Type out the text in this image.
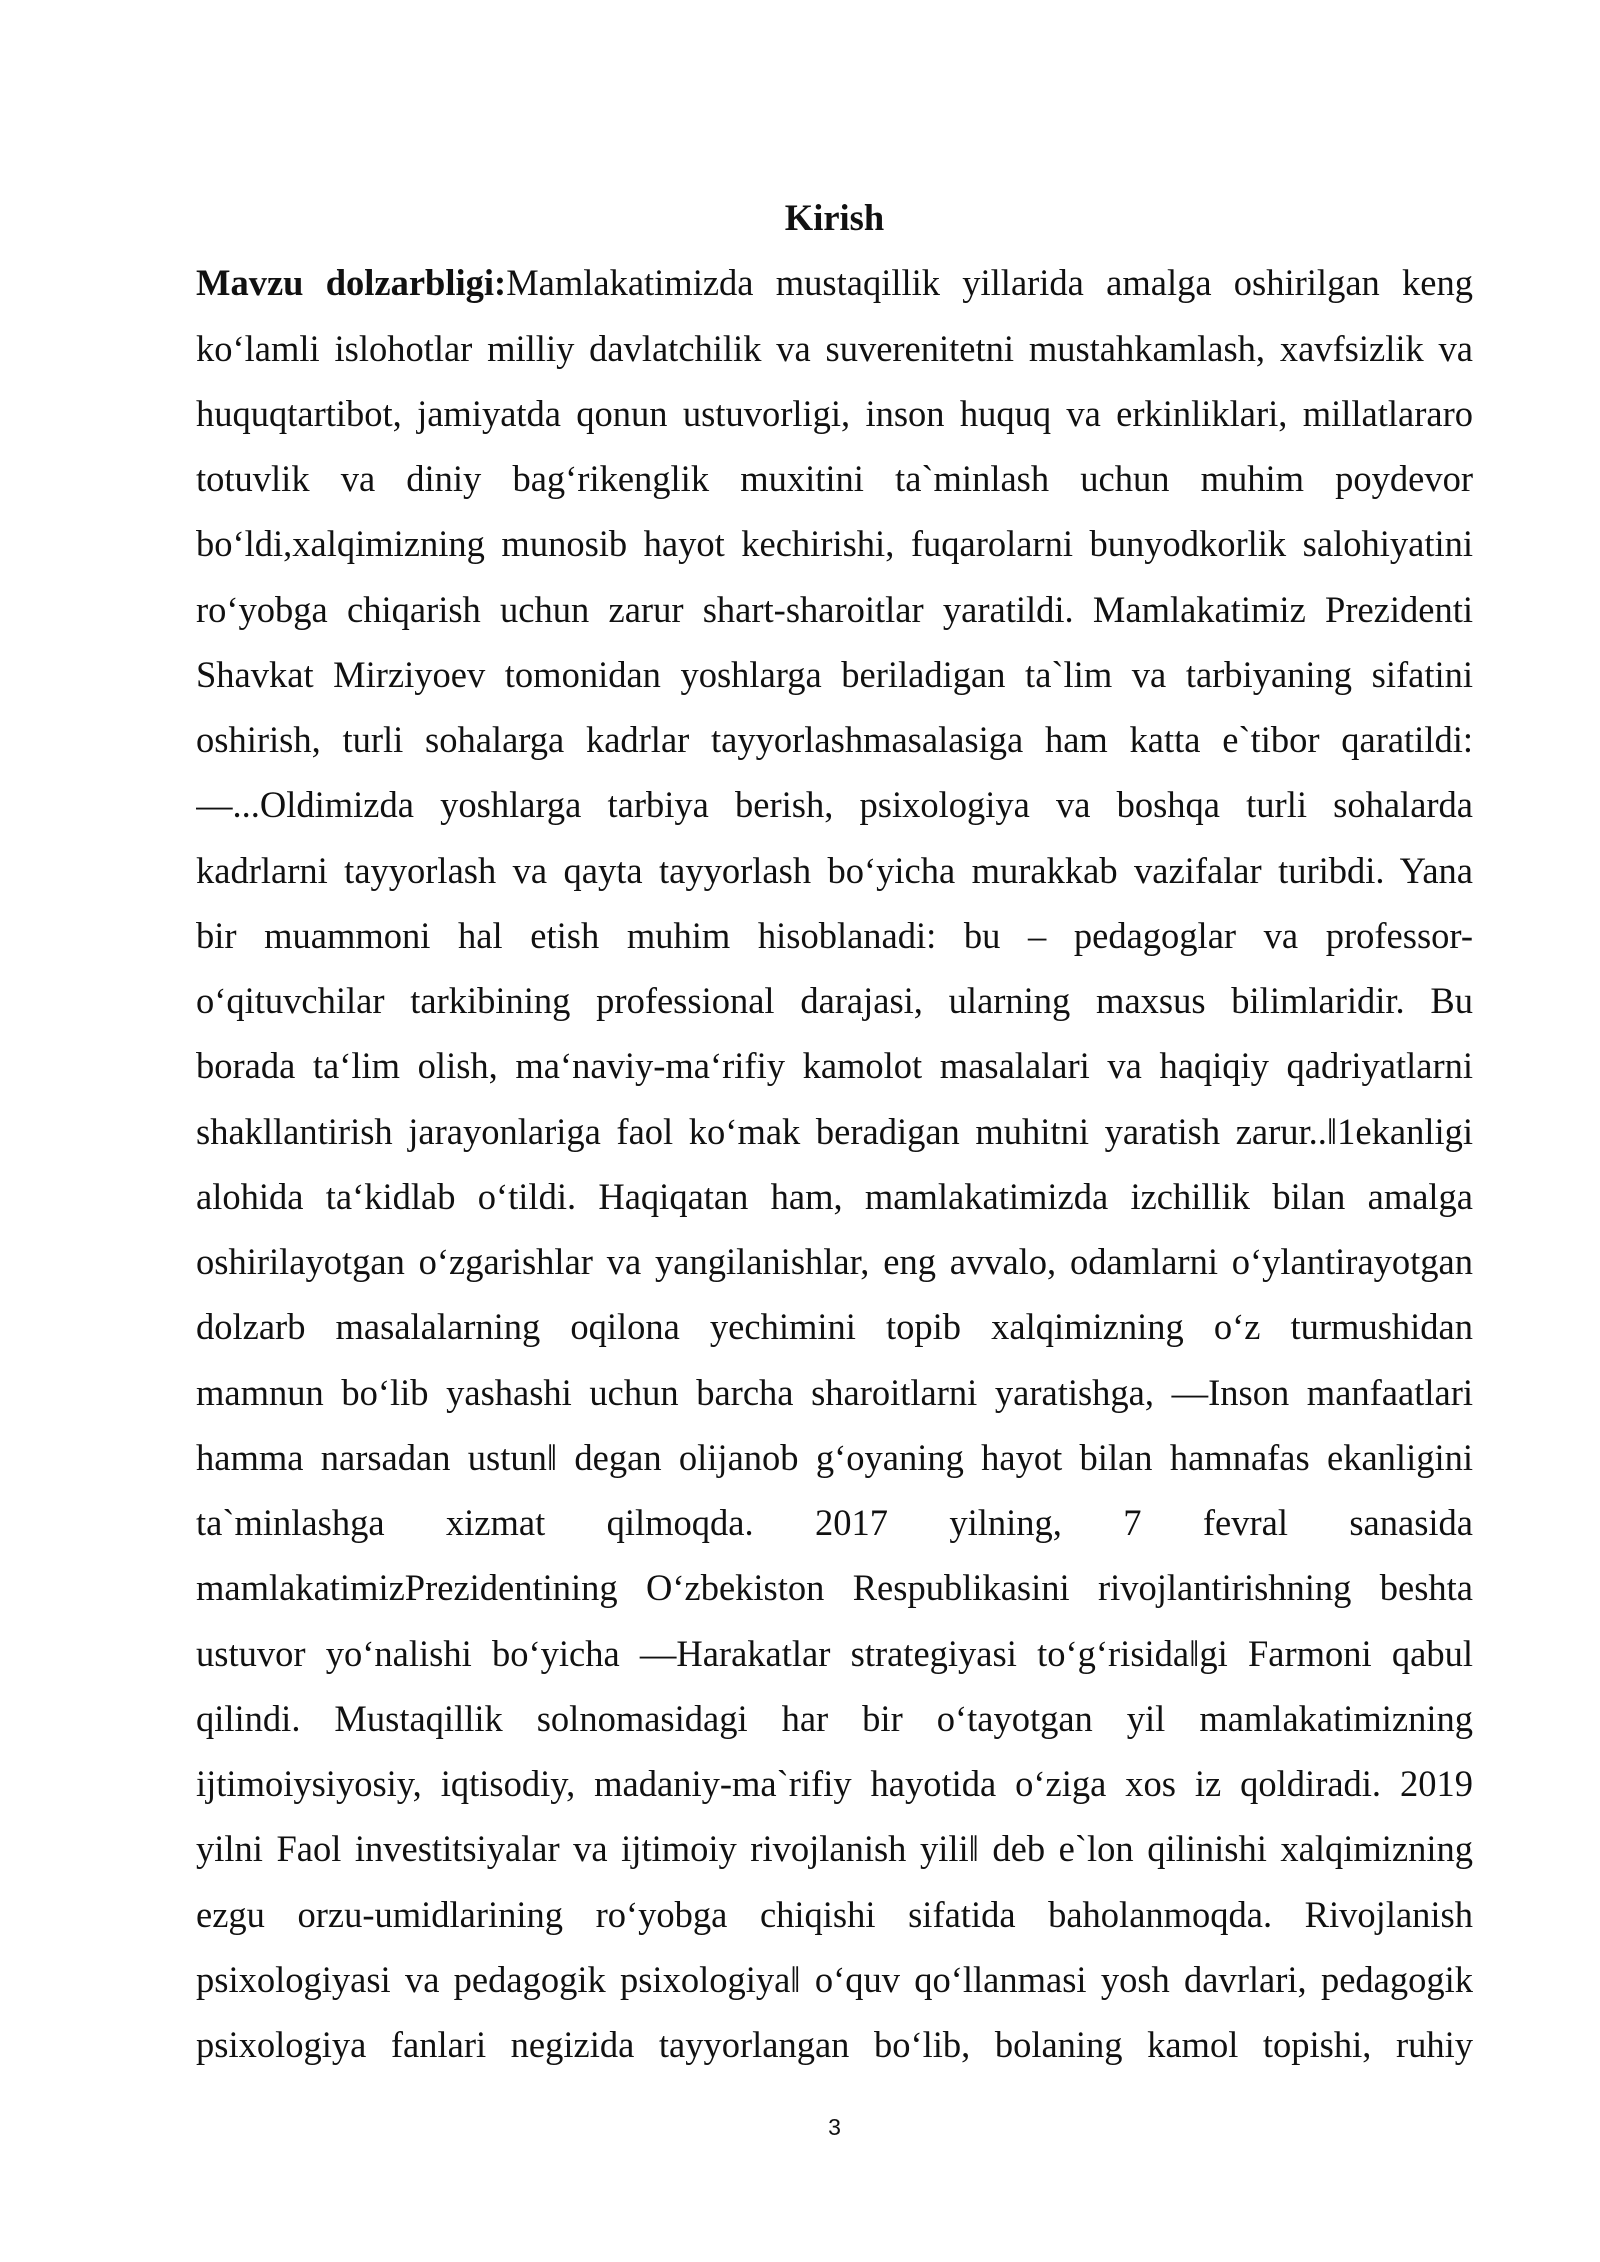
Kirish
Mavzu dolzarbligi:Mamlakatimizda mustaqillik yillarida amalga oshirilgan keng
ko‘lamli islohotlar milliy davlatchilik va suverenitetni mustahkamlash, xavfsizlik va
huquqtartibot, jamiyatda qonun ustuvorligi, inson huquq va erkinliklari, millatlararo
totuvlik va diniy bag‘rikenglik muxitini ta`minlash uchun muhim poydevor
bo‘ldi,xalqimizning munosib hayot kechirishi, fuqarolarni bunyodkorlik salohiyatini
ro‘yobga chiqarish uchun zarur shart-sharoitlar yaratildi. Mamlakatimiz Prezidenti
Shavkat Mirziyoev tomonidan yoshlarga beriladigan ta`lim va tarbiyaning sifatini
oshirish, turli sohalarga kadrlar tayyorlashmasalasiga ham katta e`tibor qaratildi:
―...Oldimizda yoshlarga tarbiya berish, psixologiya va boshqa turli sohalarda
kadrlarni tayyorlash va qayta tayyorlash bo‘yicha murakkab vazifalar turibdi. Yana
bir muammoni hal etish muhim hisoblanadi: bu – pedagoglar va professor-
o‘qituvchilar tarkibining professional darajasi, ularning maxsus bilimlaridir. Bu
borada ta‘lim olish, ma‘naviy-ma‘rifiy kamolot masalalari va haqiqiy qadriyatlarni
shakllantirish jarayonlariga faol ko‘mak beradigan muhitni yaratish zarur..‖1ekanligi
alohida ta‘kidlab o‘tildi. Haqiqatan ham, mamlakatimizda izchillik bilan amalga
oshirilayotgan o‘zgarishlar va yangilanishlar, eng avvalo, odamlarni o‘ylantirayotgan
dolzarb masalalarning oqilona yechimini topib xalqimizning o‘z turmushidan
mamnun bo‘lib yashashi uchun barcha sharoitlarni yaratishga, ―Inson manfaatlari
hamma narsadan ustun‖ degan olijanob g‘oyaning hayot bilan hamnafas ekanligini
ta`minlashga xizmat qilmoqda. 2017 yilning, 7 fevral sanasida
mamlakatimizPrezidentining O‘zbekiston Respublikasini rivojlantirishning beshta
ustuvor yo‘nalishi bo‘yicha ―Harakatlar strategiyasi to‘g‘risida‖gi Farmoni qabul
qilindi. Mustaqillik solnomasidagi har bir o‘tayotgan yil mamlakatimizning
ijtimoiysiyosiy, iqtisodiy, madaniy-ma`rifiy hayotida o‘ziga xos iz qoldiradi. 2019
yilni Faol investitsiyalar va ijtimoiy rivojlanish yili‖ deb e`lon qilinishi xalqimizning
ezgu orzu-umidlarining ro‘yobga chiqishi sifatida baholanmoqda. Rivojlanish
psixologiyasi va pedagogik psixologiya‖ o‘quv qo‘llanmasi yosh davrlari, pedagogik
psixologiya fanlari negizida tayyorlangan bo‘lib, bolaning kamol topishi, ruhiy
3
